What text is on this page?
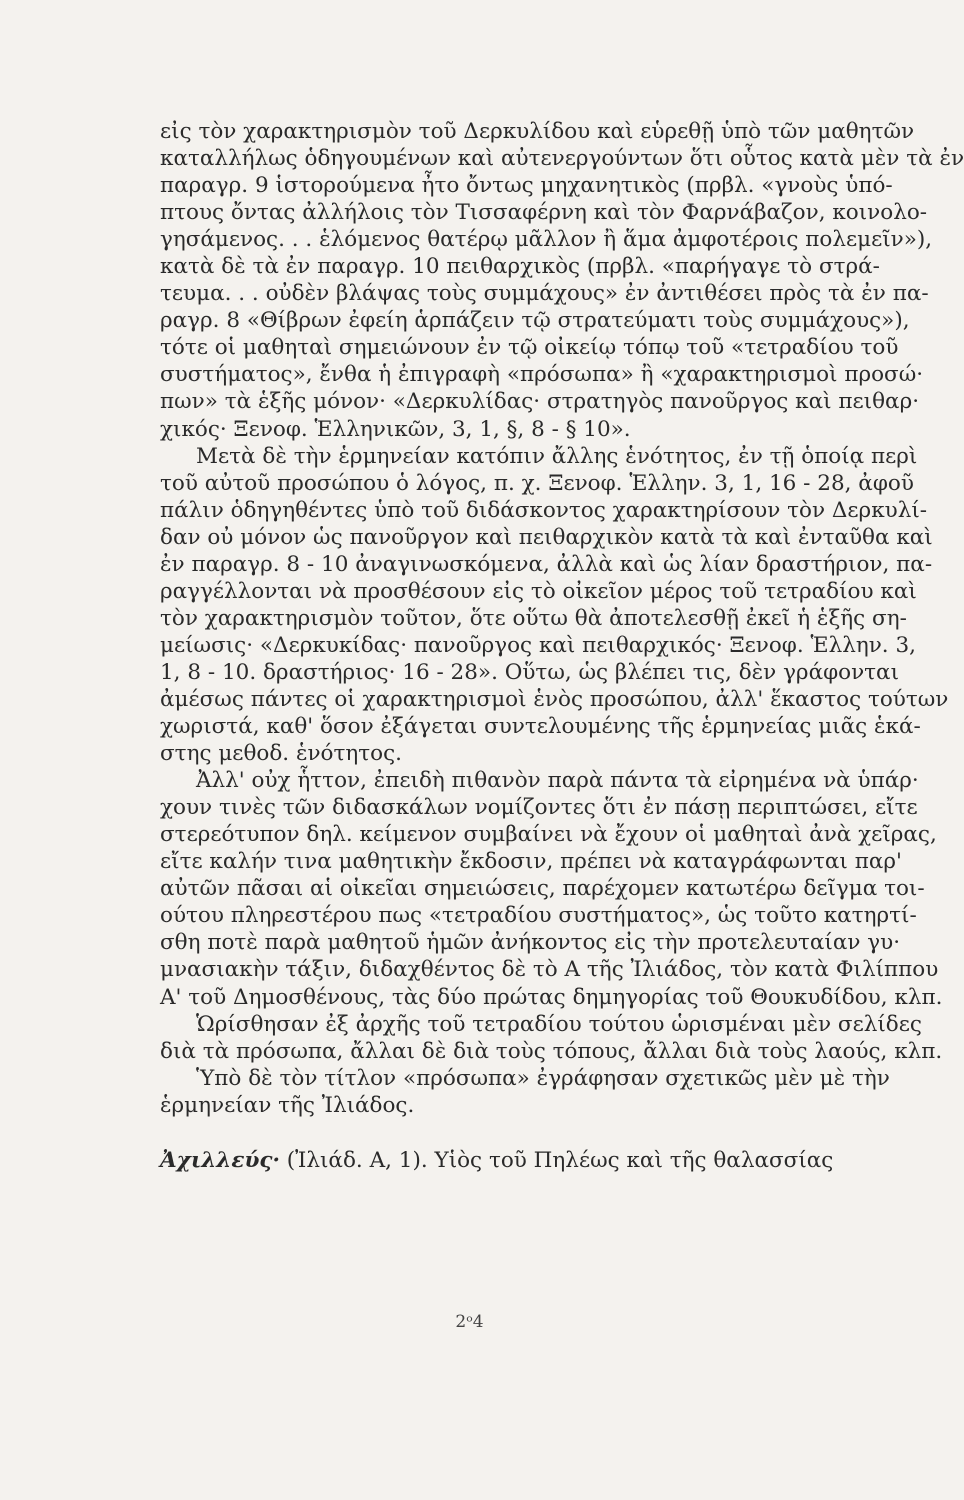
εἰς τὸν χαρακτηρισμὸν τοῦ Δερκυλίδου καὶ εὑρεθῇ ὑπὸ τῶν μαθητῶν
καταλλήλως ὁδηγουμένων καὶ αὐτενεργούντων ὅτι οὗτος κατὰ μὲν τὰ ἐν
παραγρ. 9 ἱστορούμενα ἦτο ὄντως μηχανητικὸς (πρβλ. «γνοὺς ὑπό-
πτους ὄντας ἀλλήλοις τὸν Τισσαφέρνη καὶ τὸν Φαρνάβαζον, κοινολο-
γησάμενος. . . ἑλόμενος θατέρῳ μᾶλλον ἢ ἅμα ἀμφοτέροις πολεμεῖν»),
κατὰ δὲ τὰ ἐν παραγρ. 10 πειθαρχικὸς (πρβλ. «παρήγαγε τὸ στρά-
τευμα. . . οὐδὲν βλάψας τοὺς συμμάχους» ἐν ἀντιθέσει πρὸς τὰ ἐν πα-
ραγρ. 8 «Θίβρων ἐφείη ἁρπάζειν τῷ στρατεύματι τοὺς συμμάχους»),
τότε οἱ μαθηταὶ σημειώνουν ἐν τῷ οἰκείῳ τόπῳ τοῦ «τετραδίου τοῦ
συστήματος», ἔνθα ἡ ἐπιγραφὴ «πρόσωπα» ἢ «χαρακτηρισμοὶ προσώ·
πων» τὰ ἑξῆς μόνον· «Δερκυλίδας· στρατηγὸς πανοῦργος καὶ πειθαρ·
χικός· Ξενοφ. Ἑλληνικῶν, 3, 1, §, 8 - § 10».
Μετὰ δὲ τὴν ἑρμηνείαν κατόπιν ἄλλης ἑνότητος, ἐν τῇ ὁποίᾳ περὶ
τοῦ αὐτοῦ προσώπου ὁ λόγος, π. χ. Ξενοφ. Ἑλλην. 3, 1, 16 - 28, ἀφοῦ
πάλιν ὁδηγηθέντες ὑπὸ τοῦ διδάσκοντος χαρακτηρίσουν τὸν Δερκυλί-
δαν οὐ μόνον ὡς πανοῦργον καὶ πειθαρχικὸν κατὰ τὰ καὶ ἐνταῦθα καὶ
ἐν παραγρ. 8 - 10 ἀναγινωσκόμενα, ἀλλὰ καὶ ὡς λίαν δραστήριον, πα-
ραγγέλλονται νὰ προσθέσουν εἰς τὸ οἰκεῖον μέρος τοῦ τετραδίου καὶ
τὸν χαρακτηρισμὸν τοῦτον, ὅτε οὕτω θὰ ἀποτελεσθῇ ἐκεῖ ἡ ἑξῆς ση-
μείωσις· «Δερκυκίδας· πανοῦργος καὶ πειθαρχικός· Ξενοφ. Ἑλλην. 3,
1, 8 - 10. δραστήριος· 16 - 28». Οὕτω, ὡς βλέπει τις, δὲν γράφονται
ἀμέσως πάντες οἱ χαρακτηρισμοὶ ἑνὸς προσώπου, ἀλλ' ἕκαστος τούτων
χωριστά, καθ' ὅσον ἐξάγεται συντελουμένης τῆς ἑρμηνείας μιᾶς ἑκά-
στης μεθοδ. ἑνότητος.
Ἀλλ' οὐχ ἧττον, ἐπειδὴ πιθανὸν παρὰ πάντα τὰ εἰρημένα νὰ ὑπάρ·
χουν τινὲς τῶν διδασκάλων νομίζοντες ὅτι ἐν πάσῃ περιπτώσει, εἴτε
στερεότυπον δηλ. κείμενον συμβαίνει νὰ ἔχουν οἱ μαθηταὶ ἀνὰ χεῖρας,
εἴτε καλήν τινα μαθητικὴν ἔκδοσιν, πρέπει νὰ καταγράφωνται παρ'
αὐτῶν πᾶσαι αἱ οἰκεῖαι σημειώσεις, παρέχομεν κατωτέρω δεῖγμα τοι-
ούτου πληρεστέρου πως «τετραδίου συστήματος», ὡς τοῦτο κατηρτί-
σθη ποτὲ παρὰ μαθητοῦ ἡμῶν ἀνήκοντος εἰς τὴν προτελευταίαν γυ·
μνασιακὴν τάξιν, διδαχθέντος δὲ τὸ Α τῆς Ἰλιάδος, τὸν κατὰ Φιλίππου
Α' τοῦ Δημοσθένους, τὰς δύο πρώτας δημηγορίας τοῦ Θουκυδίδου, κλπ.
Ὡρίσθησαν ἐξ ἀρχῆς τοῦ τετραδίου τούτου ὡρισμέναι μὲν σελίδες
διὰ τὰ πρόσωπα, ἄλλαι δὲ διὰ τοὺς τόπους, ἄλλαι διὰ τοὺς λαούς, κλπ.
Ὑπὸ δὲ τὸν τίτλον «πρόσωπα» ἐγράφησαν σχετικῶς μὲν μὲ τὴν
ἑρμηνείαν τῆς Ἰλιάδος.
Ἀχιλλεύς· (Ἰλιάδ. Α, 1). Υἱὸς τοῦ Πηλέως καὶ τῆς θαλασσίας
2ᵒ4
